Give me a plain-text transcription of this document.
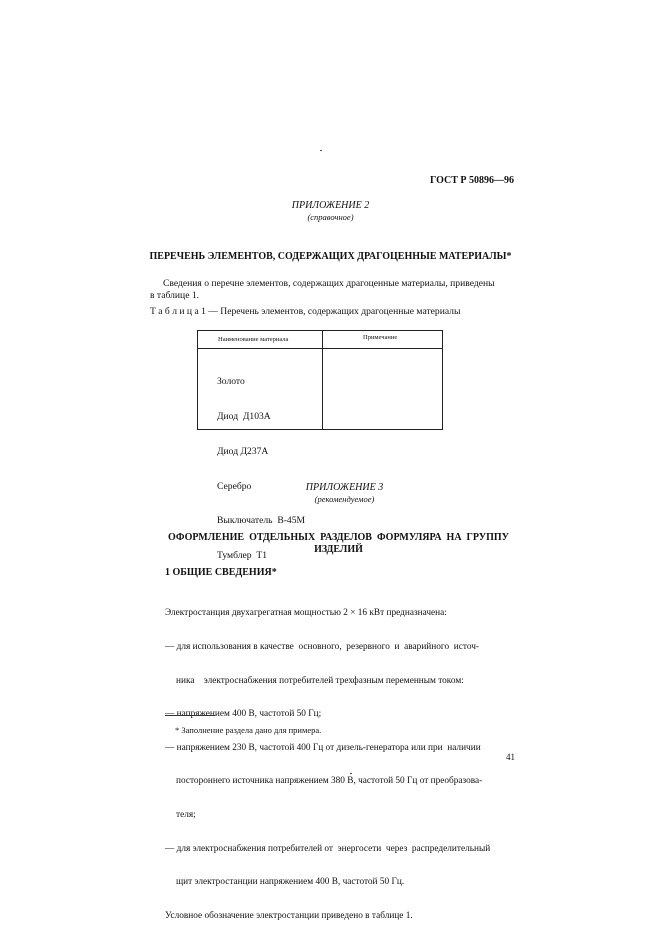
ГОСТ Р 50896—96
ПРИЛОЖЕНИЕ 2
(справочное)
ПЕРЕЧЕНЬ ЭЛЕМЕНТОВ, СОДЕРЖАЩИХ ДРАГОЦЕННЫЕ МАТЕРИАЛЫ*
Сведения о перечне элементов, содержащих драгоценные материалы, приведены
в таблице 1.
Т а б л и ц а 1 — Перечень элементов, содержащих драгоценные материалы
Наименование материала	Примечание

Золото

Диод  Д103А

Диод Д237А

Серебро

Выключатель  В-45М

Тумблер  Т1

ПРИЛОЖЕНИЕ 3
(рекомендуемое)
ОФОРМЛЕНИЕ  ОТДЕЛЬНЫХ  РАЗДЕЛОВ  ФОРМУЛЯРА  НА  ГРУППУ
ИЗДЕЛИЙ
1 ОБЩИЕ СВЕДЕНИЯ*

Электростанция двухагрегатная мощностью 2 × 16 кВт предназначена:

— для использования в качестве  основного,  резервного  и  аварийного  источ-

ника    электроснабжения потребителей трехфазным переменным током:

— напряжением 400 В, частотой 50 Гц;

— напряжением 230 В, частотой 400 Гц от дизель-генератора или при  наличии

постороннего источника напряжением 380 В, частотой 50 Гц от преобразова-

теля;

— для электроснабжения потребителей от  энергосети  через  распределительный

щит электростанции напряжением 400 В, частотой 50 Гц.

Условное обозначение электростанции приведено в таблице 1.

* Заполнение раздела дано для примера.
41
